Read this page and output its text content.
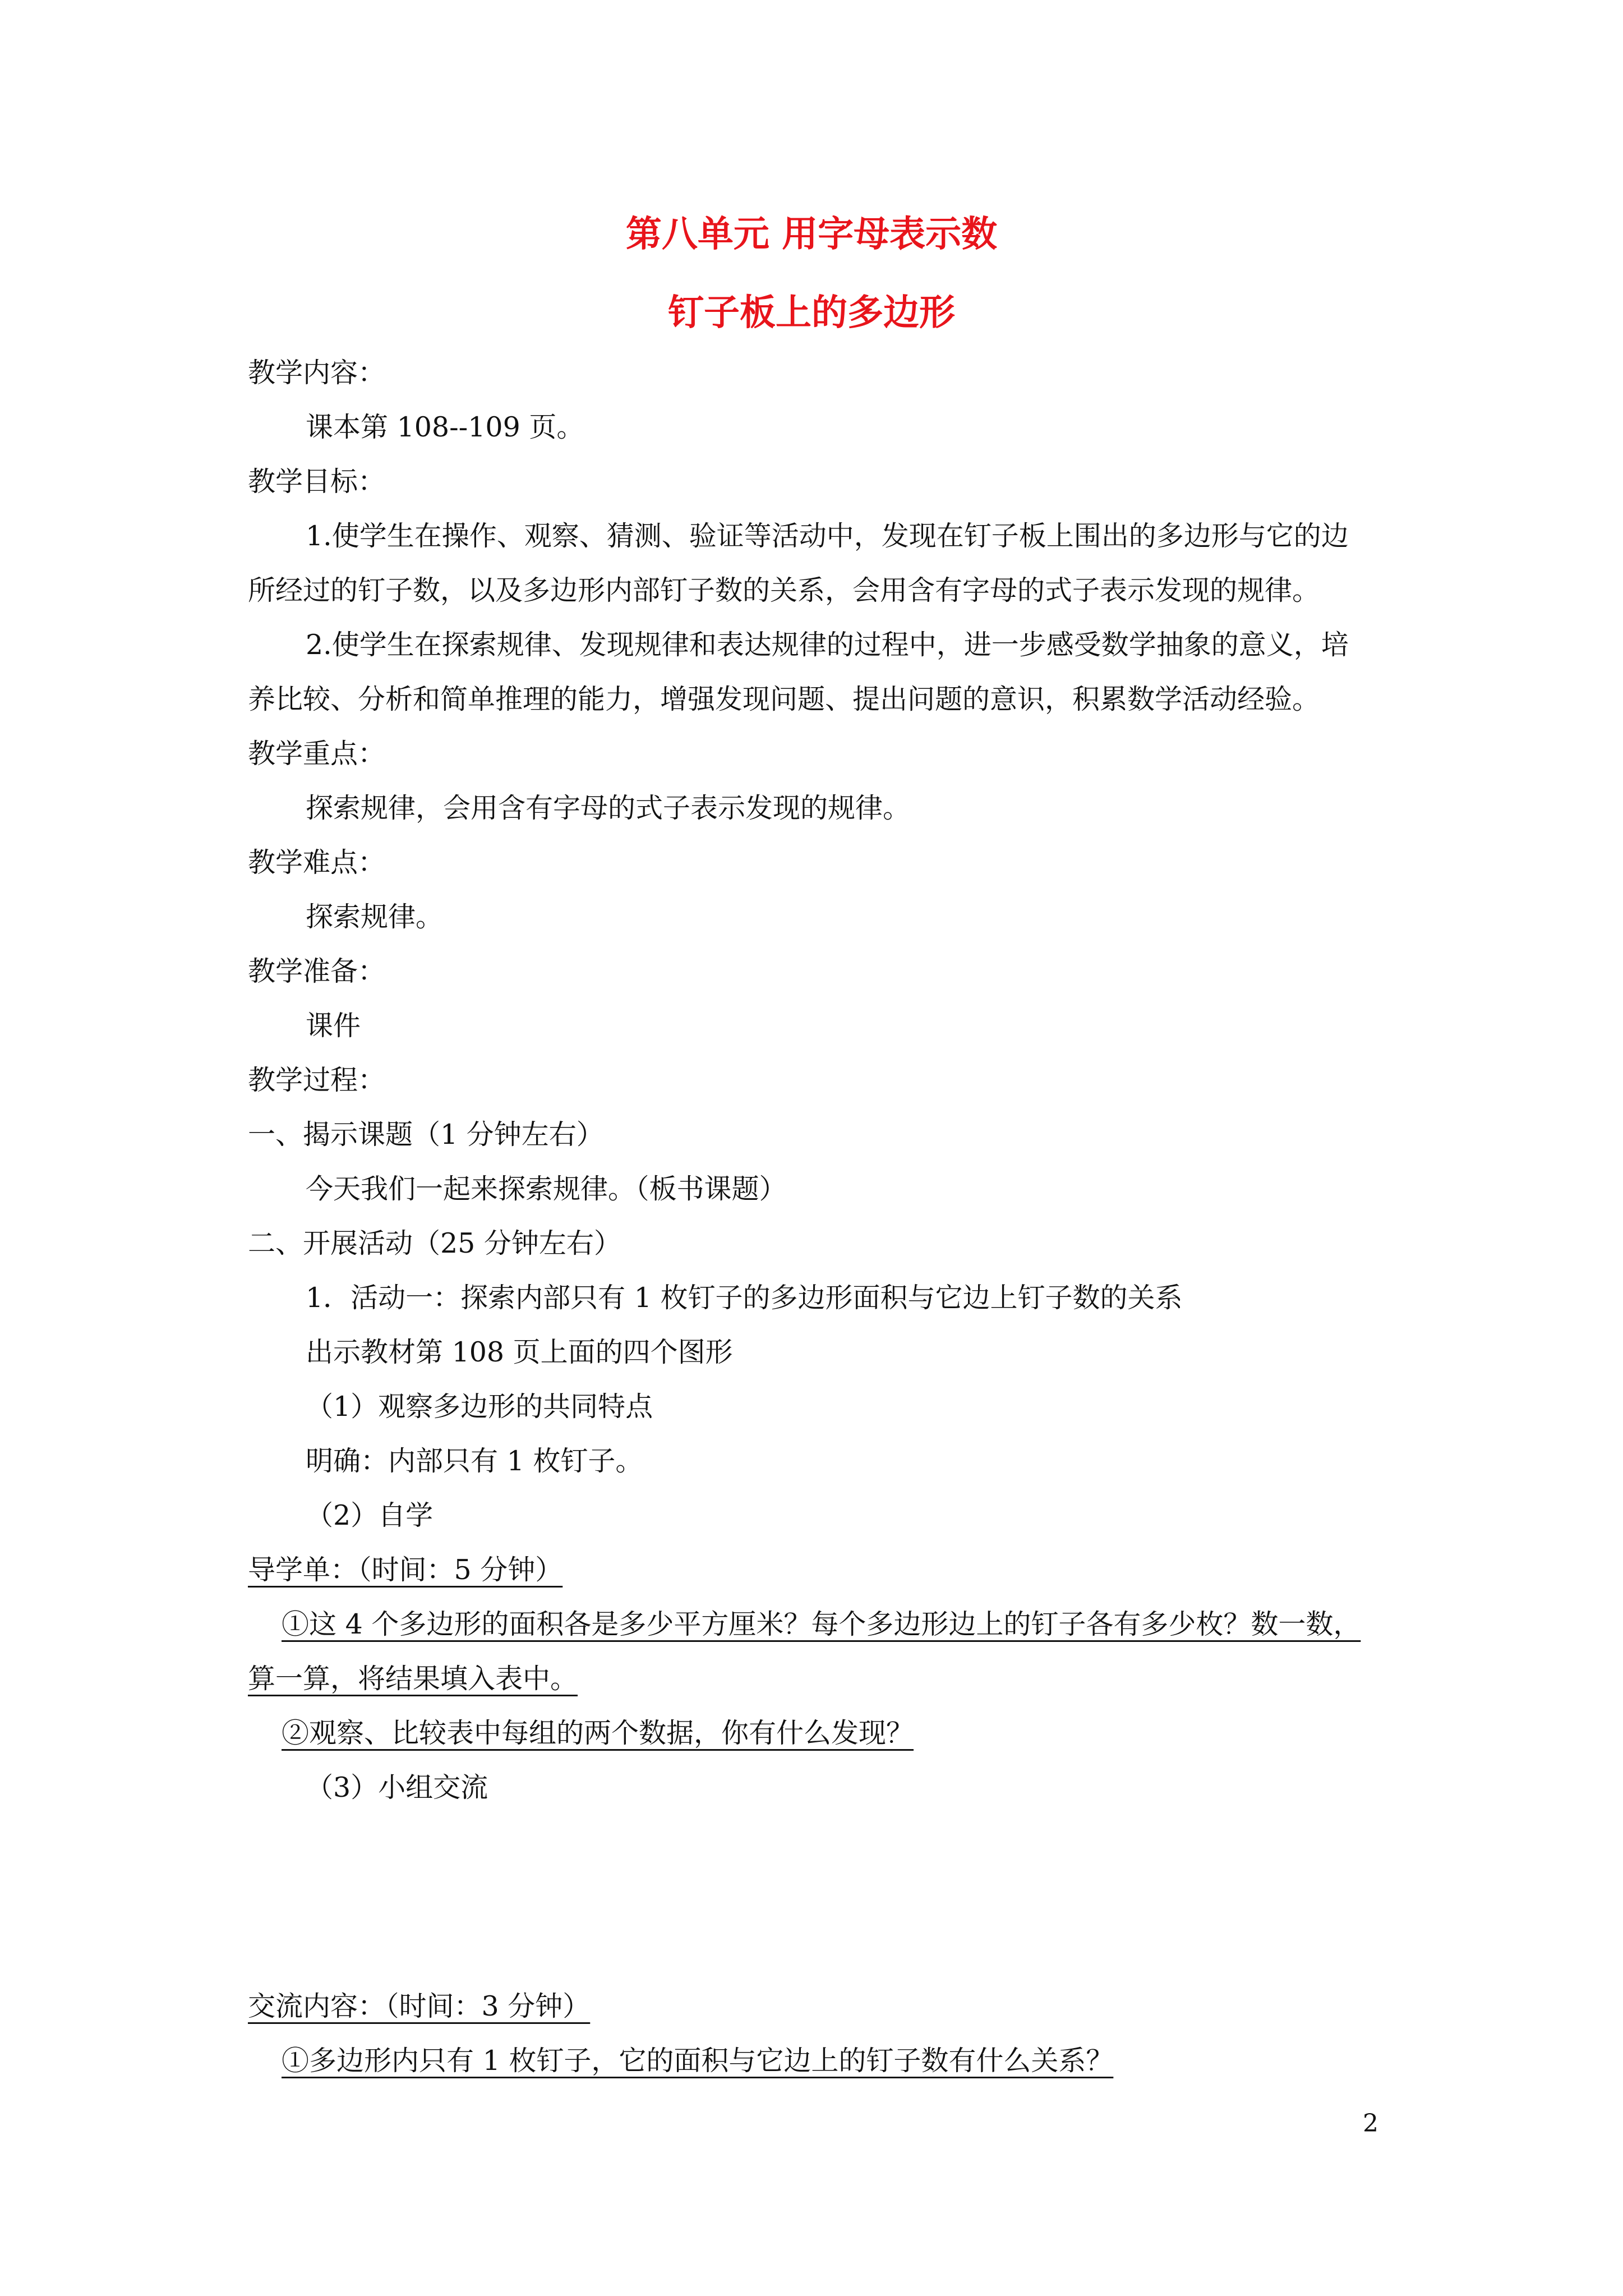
第八单元 用字母表示数
钉子板上的多边形
教学内容：
课本第 108--109 页。
教学目标：
1.使学生在操作、观察、猜测、验证等活动中，发现在钉子板上围出的多边形与它的边
所经过的钉子数，以及多边形内部钉子数的关系，会用含有字母的式子表示发现的规律。
2.使学生在探索规律、发现规律和表达规律的过程中，进一步感受数学抽象的意义，培
养比较、分析和简单推理的能力，增强发现问题、提出问题的意识，积累数学活动经验。
教学重点：
探索规律，会用含有字母的式子表示发现的规律。
教学难点：
探索规律。
教学准备：
课件
教学过程：
一、揭示课题（1 分钟左右）
今天我们一起来探索规律。（板书课题）
二、开展活动（25 分钟左右）
1．活动一：探索内部只有 1 枚钉子的多边形面积与它边上钉子数的关系
出示教材第 108 页上面的四个图形
（1）观察多边形的共同特点
明确：内部只有 1 枚钉子。
（2）自学
导学单：（时间：5 分钟）
①这 4 个多边形的面积各是多少平方厘米？每个多边形边上的钉子各有多少枚？数一数，
算一算，将结果填入表中。
②观察、比较表中每组的两个数据，你有什么发现？
（3）小组交流
交流内容：（时间：3 分钟）
①多边形内只有 1 枚钉子，它的面积与它边上的钉子数有什么关系？
2
